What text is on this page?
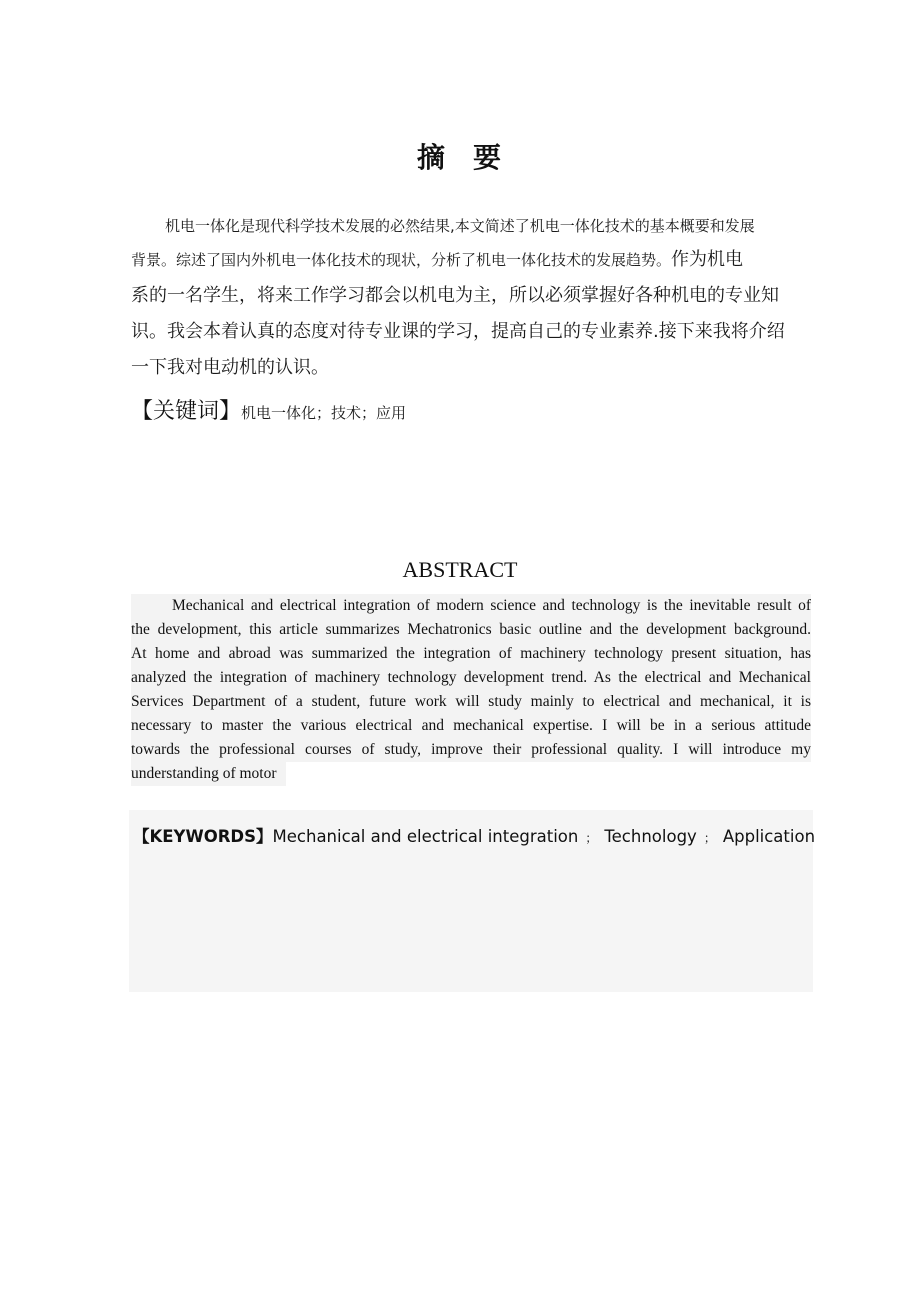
摘 要

机电一体化是现代科学技术发展的必然结果,本文简述了机电一体化技术的基本概要和发展

背景。综述了国内外机电一体化技术的现状，分析了机电一体化技术的发展趋势。作为机电

系的一名学生，将来工作学习都会以机电为主，所以必须掌握好各种机电的专业知

识。我会本着认真的态度对待专业课的学习，提高自己的专业素养.接下来我将介绍

一下我对电动机的认识。

【关键词】机电一体化；技术；应用
ABSTRACT
Mechanical and electrical integration of modern science and technology is the inevitable result of
the development, this article summarizes Mechatronics basic outline and the development background.
At home and abroad was summarized the integration of machinery technology present situation, has
analyzed the integration of machinery technology development trend. As the electrical and Mechanical
Services Department of a student, future work will study mainly to electrical and mechanical, it is
necessary to master the various electrical and mechanical expertise. I will be in a serious attitude
towards the professional courses of study, improve their professional quality. I will introduce my
understanding of motor
【KEYWORDS】Mechanical and electrical integration ； Technology ； Application
